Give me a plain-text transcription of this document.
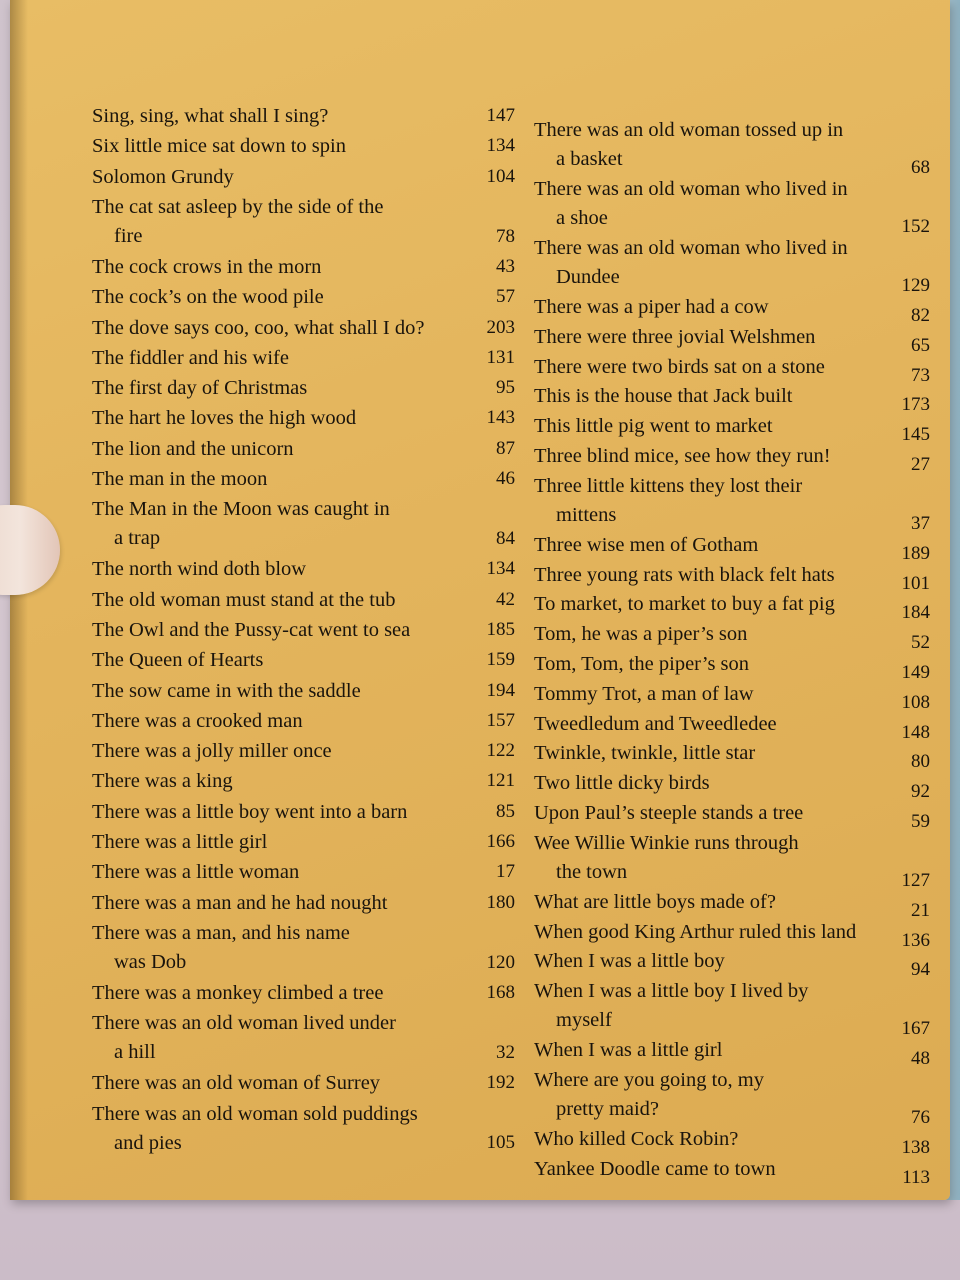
Sing, sing, what shall I sing?	147
Six little mice sat down to spin	134
Solomon Grundy	104
The cat sat asleep by the side of the
fire	78
The cock crows in the morn	43
The cock’s on the wood pile	57
The dove says coo, coo, what shall I do?	203
The fiddler and his wife	131
The first day of Christmas	95
The hart he loves the high wood	143
The lion and the unicorn	87
The man in the moon	46
The Man in the Moon was caught in
a trap	84
The north wind doth blow	134
The old woman must stand at the tub	42
The Owl and the Pussy-cat went to sea	185
The Queen of Hearts	159
The sow came in with the saddle	194
There was a crooked man	157
There was a jolly miller once	122
There was a king	121
There was a little boy went into a barn	85
There was a little girl	166
There was a little woman	17
There was a man and he had nought	180
There was a man, and his name
was Dob	120
There was a monkey climbed a tree	168
There was an old woman lived under
a hill	32
There was an old woman of Surrey	192
There was an old woman sold puddings
and pies	105
There was an old woman tossed up in
a basket	68
There was an old woman who lived in
a shoe	152
There was an old woman who lived in
Dundee	129
There was a piper had a cow	82
There were three jovial Welshmen	65
There were two birds sat on a stone	73
This is the house that Jack built	173
This little pig went to market	145
Three blind mice, see how they run!	27
Three little kittens they lost their
mittens	37
Three wise men of Gotham	189
Three young rats with black felt hats	101
To market, to market to buy a fat pig	184
Tom, he was a piper’s son	52
Tom, Tom, the piper’s son	149
Tommy Trot, a man of law	108
Tweedledum and Tweedledee	148
Twinkle, twinkle, little star	80
Two little dicky birds	92
Upon Paul’s steeple stands a tree	59
Wee Willie Winkie runs through
the town	127
What are little boys made of?	21
When good King Arthur ruled this land	136
When I was a little boy	94
When I was a little boy I lived by
myself	167
When I was a little girl	48
Where are you going to, my
pretty maid?	76
Who killed Cock Robin?	138
Yankee Doodle came to town	113
